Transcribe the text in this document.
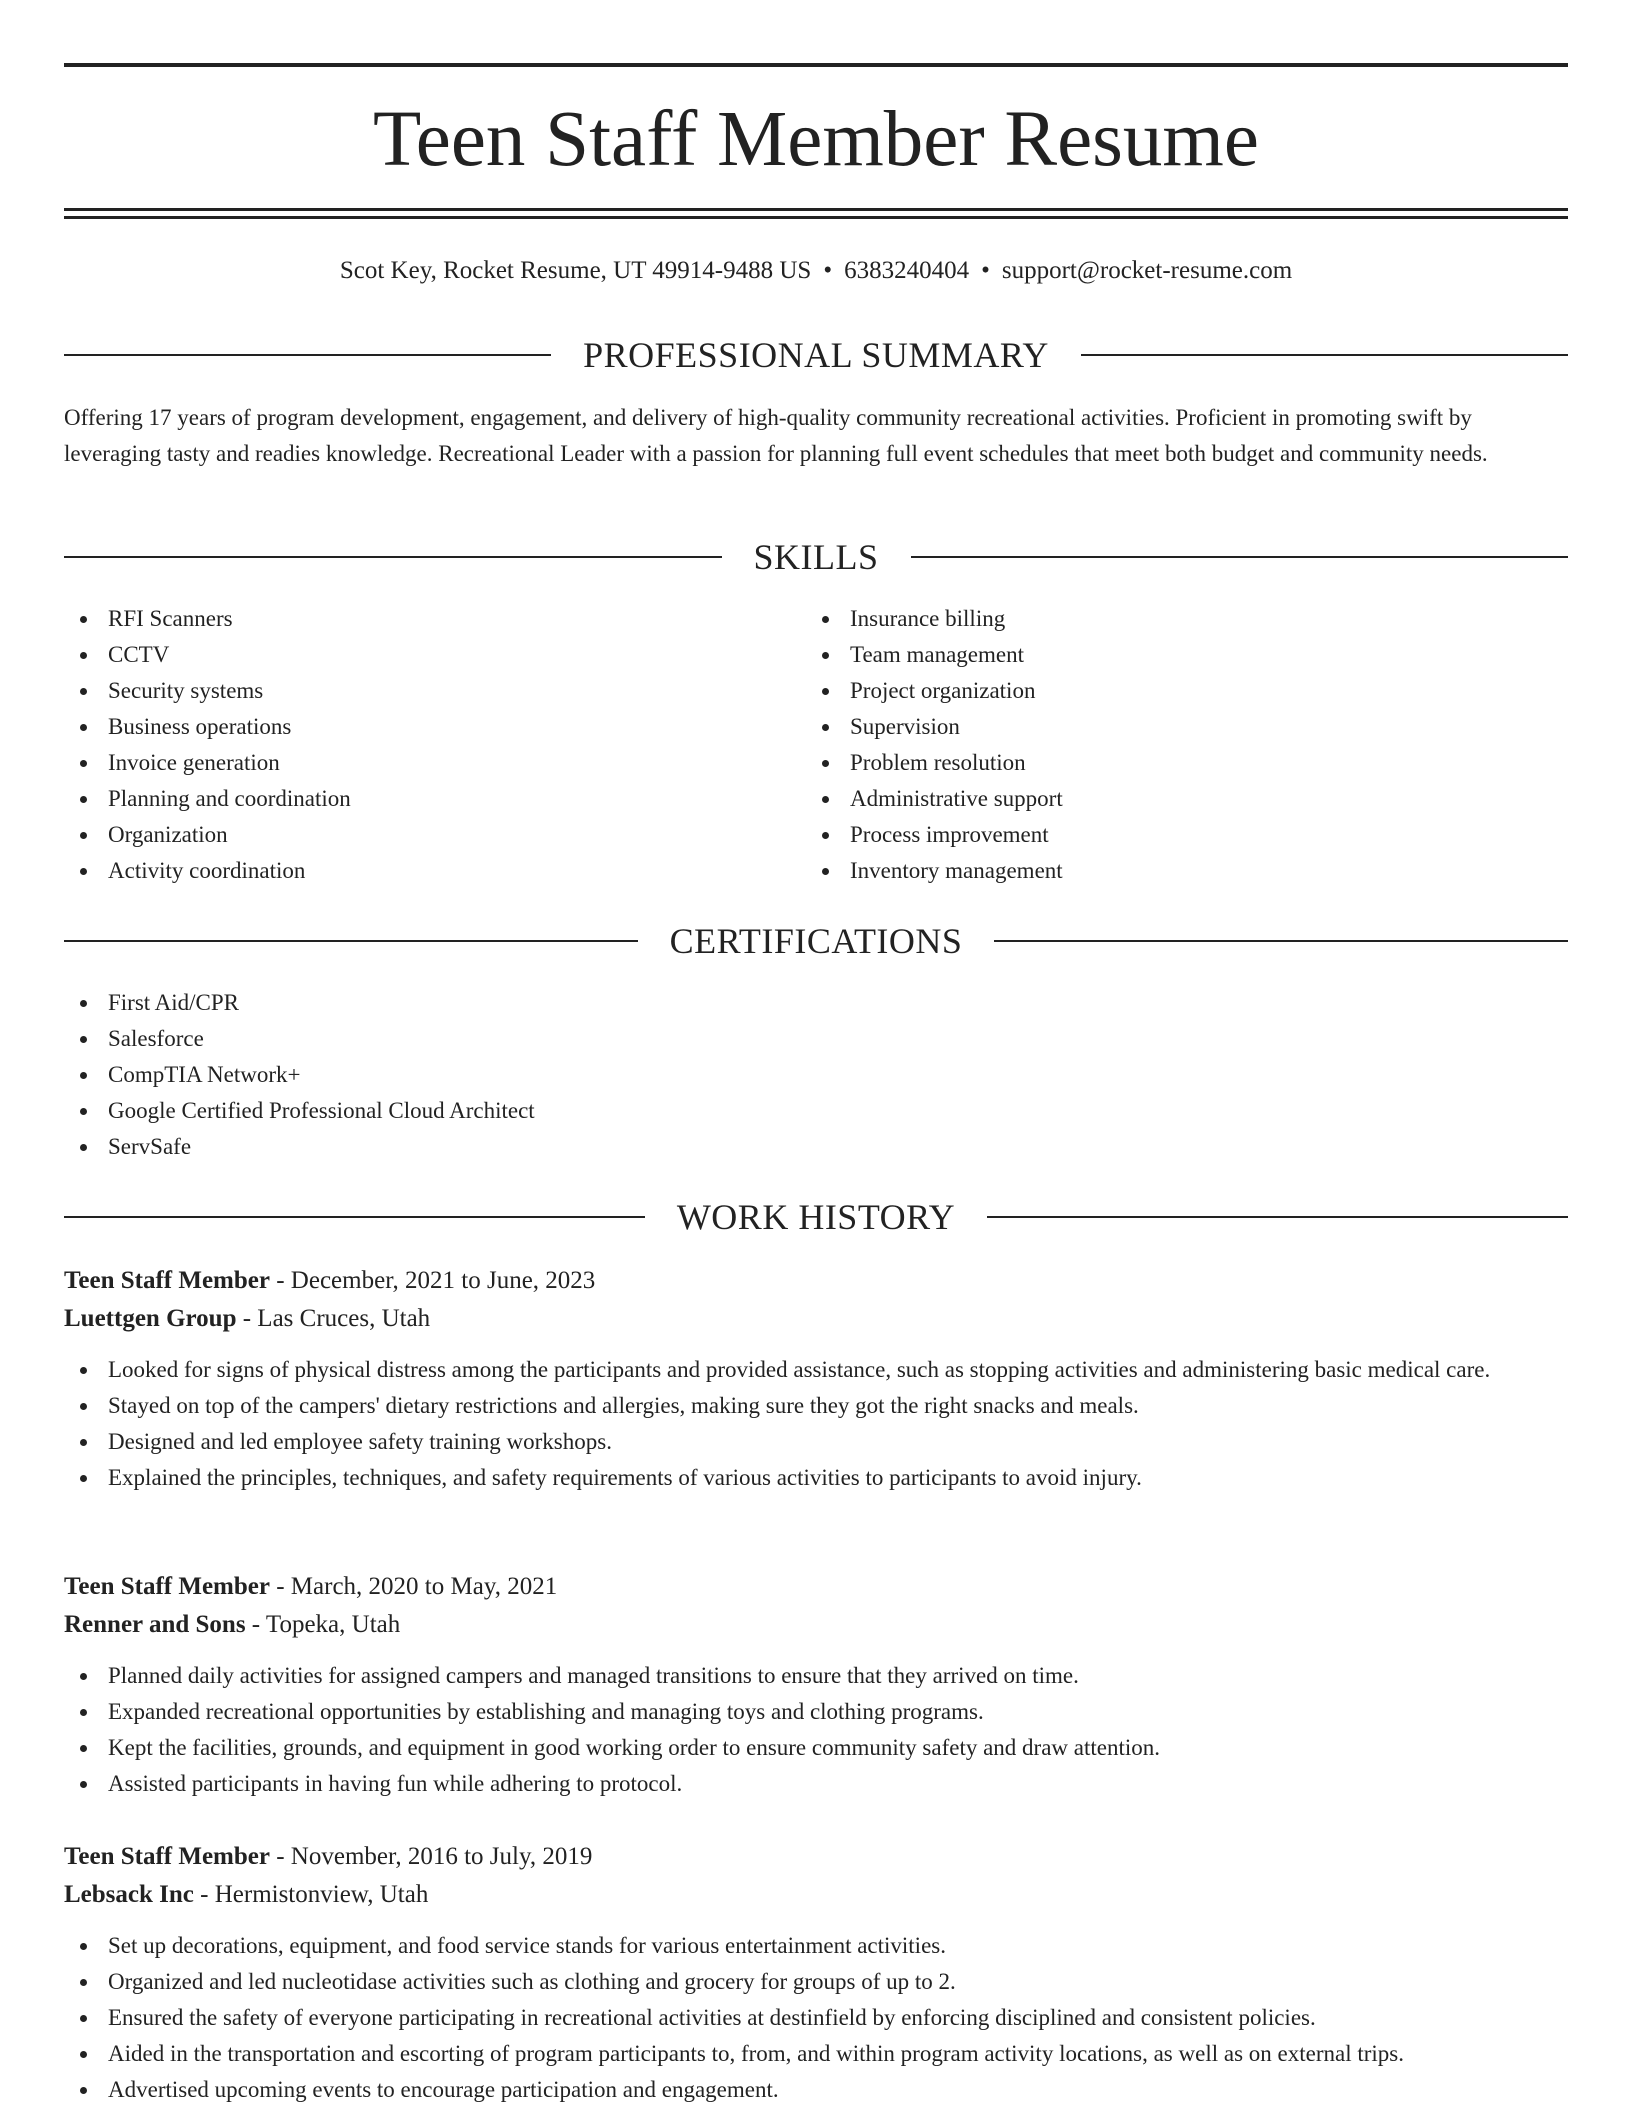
Teen Staff Member Resume
Scot Key, Rocket Resume, UT 49914-9488 US • 6383240404 • support@rocket-resume.com
PROFESSIONAL SUMMARY

Offering 17 years of program development, engagement, and delivery of high-quality community recreational activities. Proficient in promoting swift by leveraging tasty and readies knowledge. Recreational Leader with a passion for planning full event schedules that meet both budget and community needs.

SKILLS
RFI Scanners
CCTV
Security systems
Business operations
Invoice generation
Planning and coordination
Organization
Activity coordination
Insurance billing
Team management
Project organization
Supervision
Problem resolution
Administrative support
Process improvement
Inventory management
CERTIFICATIONS
First Aid/CPR
Salesforce
CompTIA Network+
Google Certified Professional Cloud Architect
ServSafe
WORK HISTORY
Teen Staff Member - December, 2021 to June, 2023
Luettgen Group - Las Cruces, Utah
Looked for signs of physical distress among the participants and provided assistance, such as stopping activities and administering basic medical care.
Stayed on top of the campers' dietary restrictions and allergies, making sure they got the right snacks and meals.
Designed and led employee safety training workshops.
Explained the principles, techniques, and safety requirements of various activities to participants to avoid injury.
Teen Staff Member - March, 2020 to May, 2021
Renner and Sons - Topeka, Utah
Planned daily activities for assigned campers and managed transitions to ensure that they arrived on time.
Expanded recreational opportunities by establishing and managing toys and clothing programs.
Kept the facilities, grounds, and equipment in good working order to ensure community safety and draw attention.
Assisted participants in having fun while adhering to protocol.
Teen Staff Member - November, 2016 to July, 2019
Lebsack Inc - Hermistonview, Utah
Set up decorations, equipment, and food service stands for various entertainment activities.
Organized and led nucleotidase activities such as clothing and grocery for groups of up to 2.
Ensured the safety of everyone participating in recreational activities at destinfield by enforcing disciplined and consistent policies.
Aided in the transportation and escorting of program participants to, from, and within program activity locations, as well as on external trips.
Advertised upcoming events to encourage participation and engagement.
